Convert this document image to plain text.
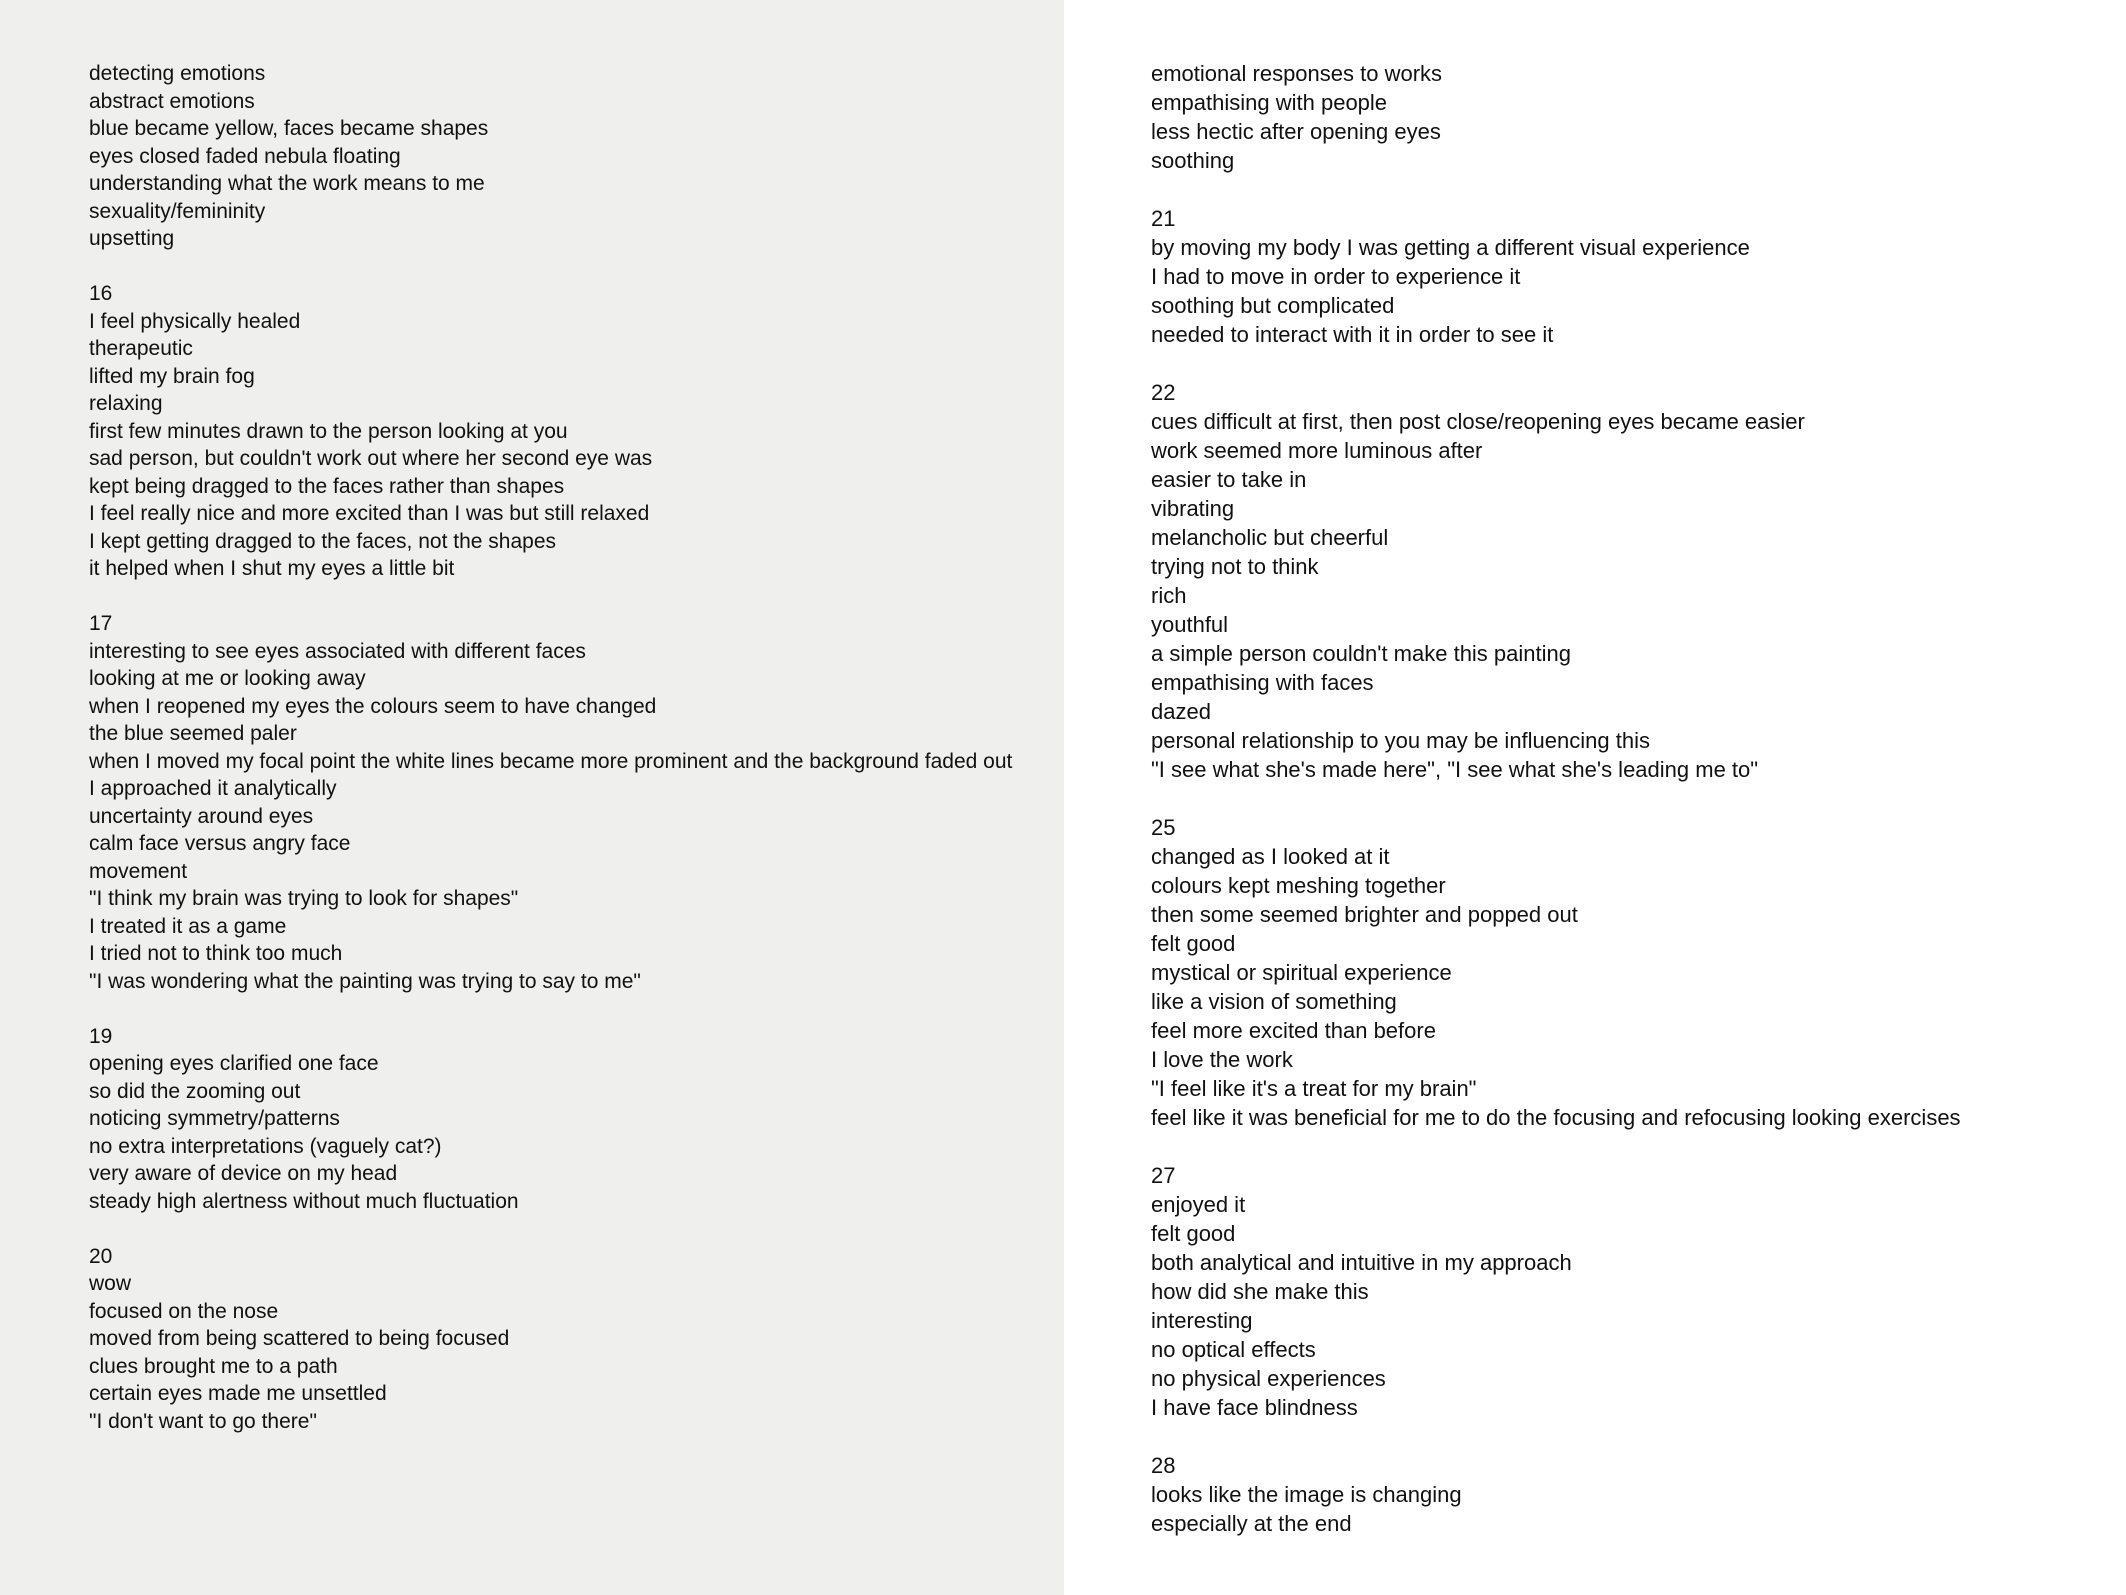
detecting emotions
abstract emotions
blue became yellow, faces became shapes
eyes closed faded nebula floating
understanding what the work means to me
sexuality/femininity
upsetting
16
I feel physically healed
therapeutic
lifted my brain fog
relaxing
first few minutes drawn to the person looking at you
sad person, but couldn't work out where her second eye was
kept being dragged to the faces rather than shapes
I feel really nice and more excited than I was but still relaxed
I kept getting dragged to the faces, not the shapes
it helped when I shut my eyes a little bit
17
interesting to see eyes associated with different faces
looking at me or looking away
when I reopened my eyes the colours seem to have changed
the blue seemed paler
when I moved my focal point the white lines became more prominent and the background faded out
I approached it analytically
uncertainty around eyes
calm face versus angry face
movement
"I think my brain was trying to look for shapes"
I treated it as a game
I tried not to think too much
"I was wondering what the painting was trying to say to me"
19
opening eyes clarified one face
so did the zooming out
noticing symmetry/patterns
no extra interpretations (vaguely cat?)
very aware of device on my head
steady high alertness without much fluctuation
20
wow
focused on the nose
moved from being scattered to being focused
clues brought me to a path
certain eyes made me unsettled
"I don't want to go there"
emotional responses to works
empathising with people
less hectic after opening eyes
soothing
21
by moving my body I was getting a different visual experience
I had to move in order to experience it
soothing but complicated
needed to interact with it in order to see it
22
cues difficult at first, then post close/reopening eyes became easier
work seemed more luminous after
easier to take in
vibrating
melancholic but cheerful
trying not to think
rich
youthful
a simple person couldn't make this painting
empathising with faces
dazed
personal relationship to you may be influencing this
"I see what she's made here", "I see what she's leading me to"
25
changed as I looked at it
colours kept meshing together
then some seemed brighter and popped out
felt good
mystical or spiritual experience
like a vision of something
feel more excited than before
I love the work
"I feel like it's a treat for my brain"
feel like it was beneficial for me to do the focusing and refocusing looking exercises
27
enjoyed it
felt good
both analytical and intuitive in my approach
how did she make this
interesting
no optical effects
no physical experiences
I have face blindness
28
looks like the image is changing
especially at the end
